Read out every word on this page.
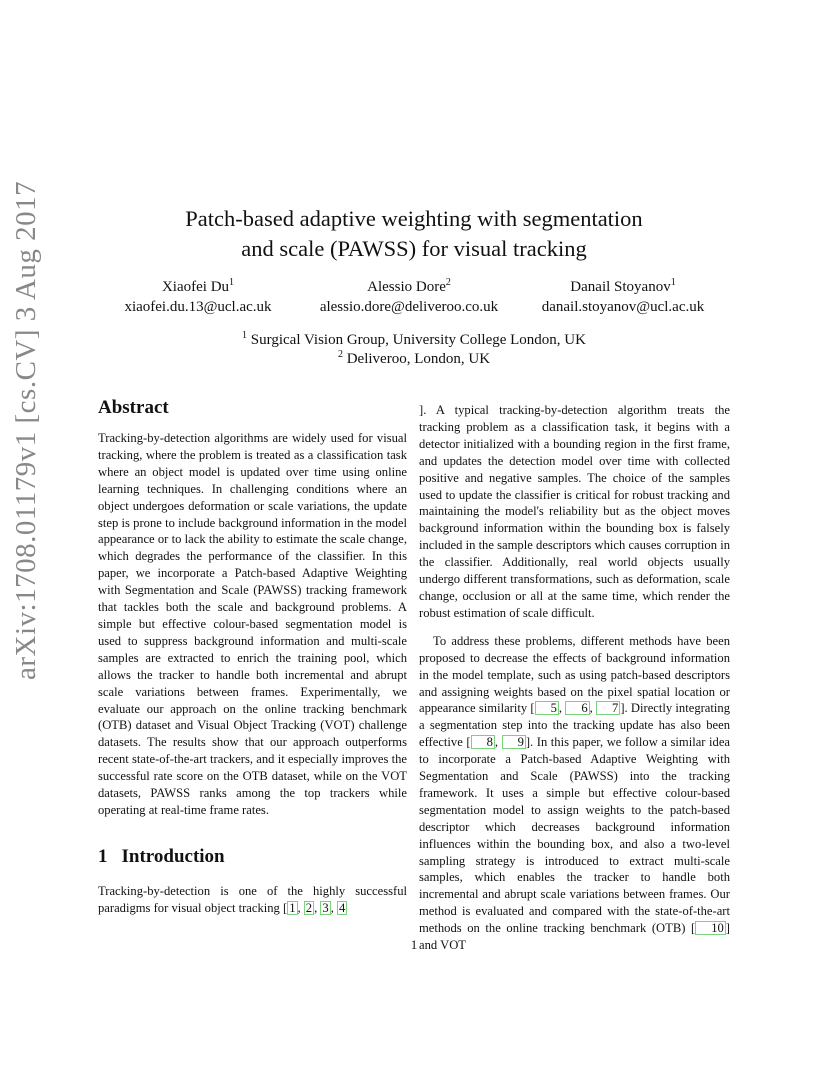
arXiv:1708.01179v1 [cs.CV] 3 Aug 2017	Patch-based adaptive weighting with segmentation
and scale (PAWSS) for visual tracking
Xiaofei Du$^1$
xiaofei.du.13@ucl.ac.uk
Alessio Dore$^2$
alessio.dore@deliveroo.co.uk
Danail Stoyanov$^1$
danail.stoyanov@ucl.ac.uk
$^1$ Surgical Vision Group, University College London, UK
$^2$ Deliveroo, London, UK
Abstract

Tracking-by-detection algorithms are widely used for visual tracking, where the problem is treated as a classification task where an object model is updated over time using online learning techniques. In challenging conditions where an object undergoes deformation or scale variations, the update step is prone to include background information in the model appearance or to lack the ability to estimate the scale change, which degrades the performance of the classifier. In this paper, we incorporate a Patch-based Adaptive Weighting with Segmentation and Scale (PAWSS) tracking framework that tackles both the scale and background problems. A simple but effective colour-based segmentation model is used to suppress background information and multi-scale samples are extracted to enrich the training pool, which allows the tracker to handle both incremental and abrupt scale variations between frames. Experimentally, we evaluate our approach on the online tracking benchmark (OTB) dataset and Visual Object Tracking (VOT) challenge datasets. The results show that our approach outperforms recent state-of-the-art trackers, and it especially improves the successful rate score on the OTB dataset, while on the VOT datasets, PAWSS ranks among the top trackers while operating at real-time frame rates.

1 Introduction

Tracking-by-detection is one of the highly successful paradigms for visual object tracking [ 1 , 2 , 3 , 4

]. A typical tracking-by-detection algorithm treats the tracking problem as a classification task, it begins with a detector initialized with a bounding region in the first frame, and updates the detection model over time with collected positive and negative samples. The choice of the samples used to update the classifier is critical for robust tracking and maintaining the model's reliability but as the object moves background information within the bounding box is falsely included in the sample descriptors which causes corruption in the classifier. Additionally, real world objects usually undergo different transformations, such as deformation, scale change, occlusion or all at the same time, which render the robust estimation of scale difficult.

To address these problems, different methods have been proposed to decrease the effects of background information in the model template, such as using patch-based descriptors and assigning weights based on the pixel spatial location or appearance similarity [ 5 , 6 , 7 ]. Directly integrating a segmentation step into the tracking update has also been effective [ 8 , 9 ]. In this paper, we follow a similar idea to incorporate a Patch-based Adaptive Weighting with Segmentation and Scale (PAWSS) into the tracking framework. It uses a simple but effective colour-based segmentation model to assign weights to the patch-based descriptor which decreases background information influences within the bounding box, and also a two-level sampling strategy is introduced to extract multi-scale samples, which enables the tracker to handle both incremental and abrupt scale variations between frames. Our method is evaluated and compared with the state-of-the-art methods on the online tracking benchmark (OTB) [ 10 ] and VOT

1
